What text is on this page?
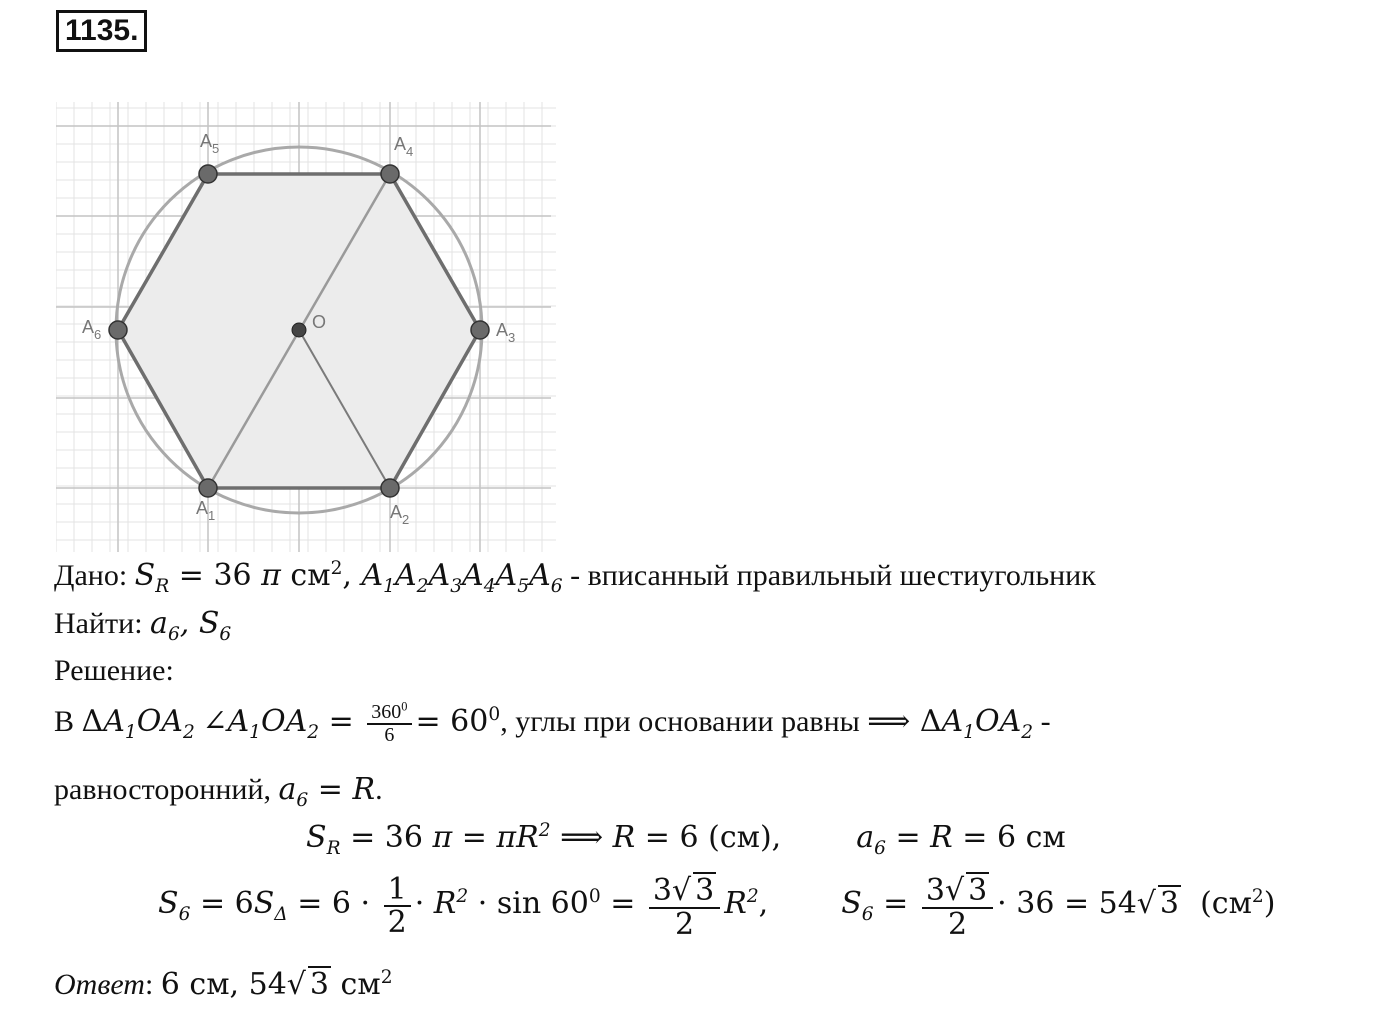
1135.
$A_1$	$A_2$
$A_3$
$A_4$
$A_5$
$A_6$
O
Дано: $S_R = 36$ π $см^2$, $A_1A_2A_3A_4A_5A_6$ - вписанный правильный шестиугольник
Найти: $a_6$, $S_6$
Решение:
В $\Delta A_1OA_2$ $\angle A_1OA_2 = \frac{360^0}{6} = 60^0$, углы при основании равны ⟹ $\Delta A_1OA_2$ -
равносторонний, $a_6 = R$.
$S_R = 36$ $\pi = \pi R^2$ ⟹ R = 6 (см),	$a_6 = R = 6$ см
$S_6 = 6S_\Delta = 6 \cdot \frac{1}{2} \cdot R^2 \cdot \sin 60^0 = \frac{3√ 3}{2} R^2$, $S_6 = \frac{3√ 3}{2} \cdot 36 = 54√$ 3  $(см^2)$
Ответ: 6 см, 54√ 3 $см^2$
